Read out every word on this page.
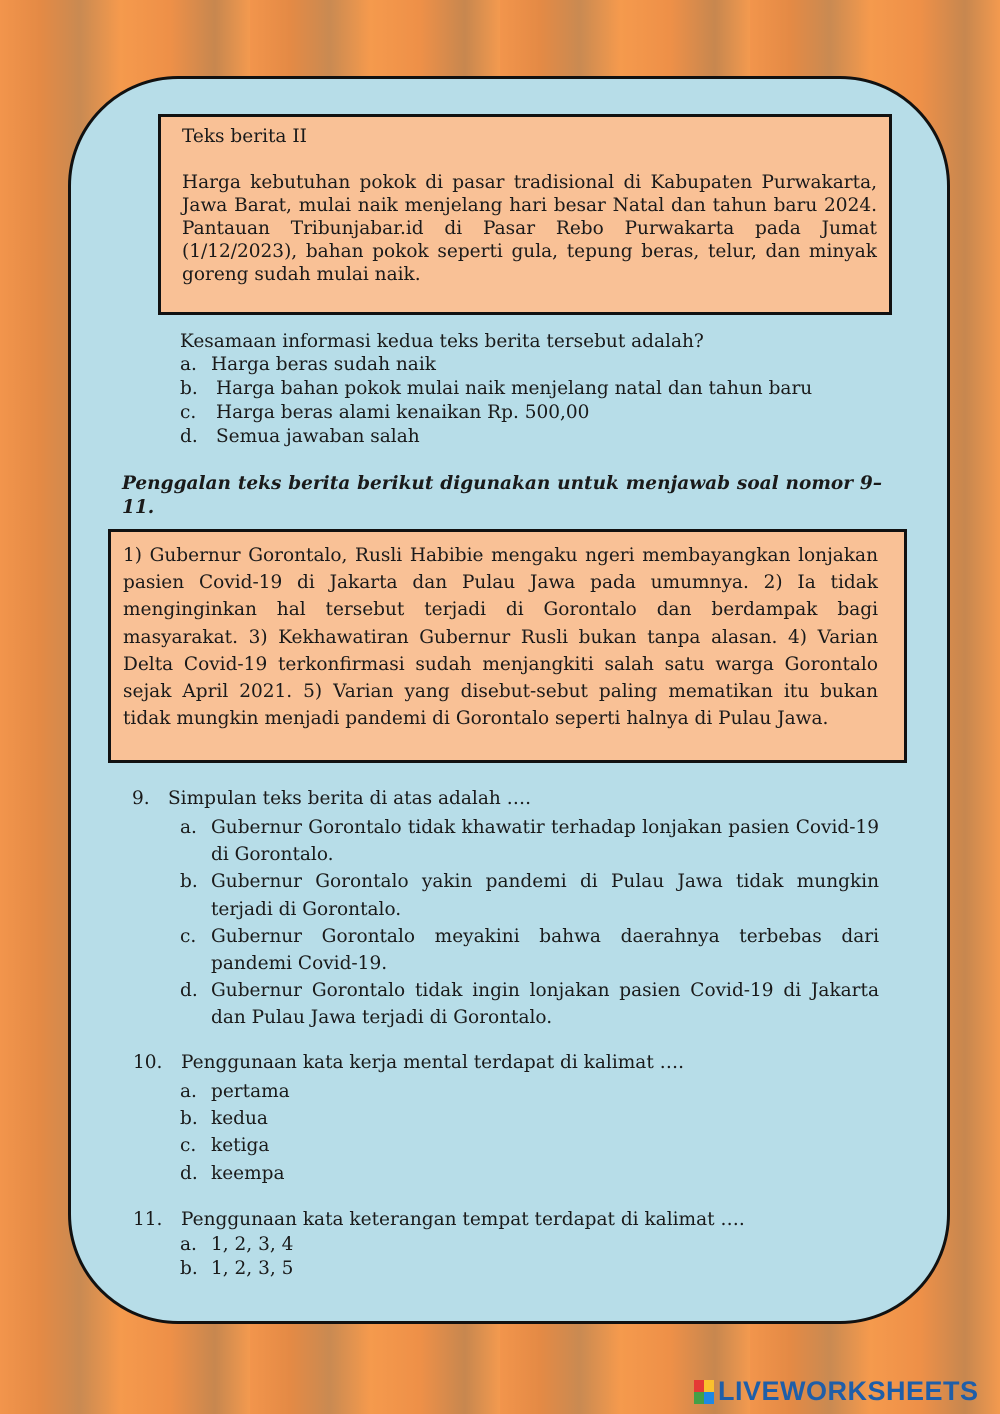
Teks berita II
Harga kebutuhan pokok di pasar tradisional di Kabupaten Purwakarta, Jawa Barat, mulai naik menjelang hari besar Natal dan tahun baru 2024. Pantauan Tribunjabar.id di Pasar Rebo Purwakarta pada Jumat (1/12/2023), bahan pokok seperti gula, tepung beras, telur, dan minyak goreng sudah mulai naik.
Kesamaan informasi kedua teks berita tersebut adalah?
a. Harga beras sudah naik
b. Harga bahan pokok mulai naik menjelang natal dan tahun baru
c. Harga beras alami kenaikan Rp. 500,00
d. Semua jawaban salah
Penggalan teks berita berikut digunakan untuk menjawab soal nomor 9–11.
1) Gubernur Gorontalo, Rusli Habibie mengaku ngeri membayangkan lonjakan pasien Covid-19 di Jakarta dan Pulau Jawa pada umumnya. 2) Ia tidak menginginkan hal tersebut terjadi di Gorontalo dan berdampak bagi masyarakat. 3) Kekhawatiran Gubernur Rusli bukan tanpa alasan. 4) Varian Delta Covid-19 terkonfirmasi sudah menjangkiti salah satu warga Gorontalo sejak April 2021. 5) Varian yang disebut-sebut paling mematikan itu bukan tidak mungkin menjadi pandemi di Gorontalo seperti halnya di Pulau Jawa.
9. Simpulan teks berita di atas adalah ….
a. Gubernur Gorontalo tidak khawatir terhadap lonjakan pasien Covid-19 di Gorontalo.
b. Gubernur Gorontalo yakin pandemi di Pulau Jawa tidak mungkin terjadi di Gorontalo.
c. Gubernur Gorontalo meyakini bahwa daerahnya terbebas dari pandemi Covid-19.
d. Gubernur Gorontalo tidak ingin lonjakan pasien Covid-19 di Jakarta dan Pulau Jawa terjadi di Gorontalo.
10. Penggunaan kata kerja mental terdapat di kalimat ….
a. pertama
b. kedua
c. ketiga
d. keempa
11. Penggunaan kata keterangan tempat terdapat di kalimat ….
a. 1, 2, 3, 4
b. 1, 2, 3, 5
LIVEWORKSHEETS
